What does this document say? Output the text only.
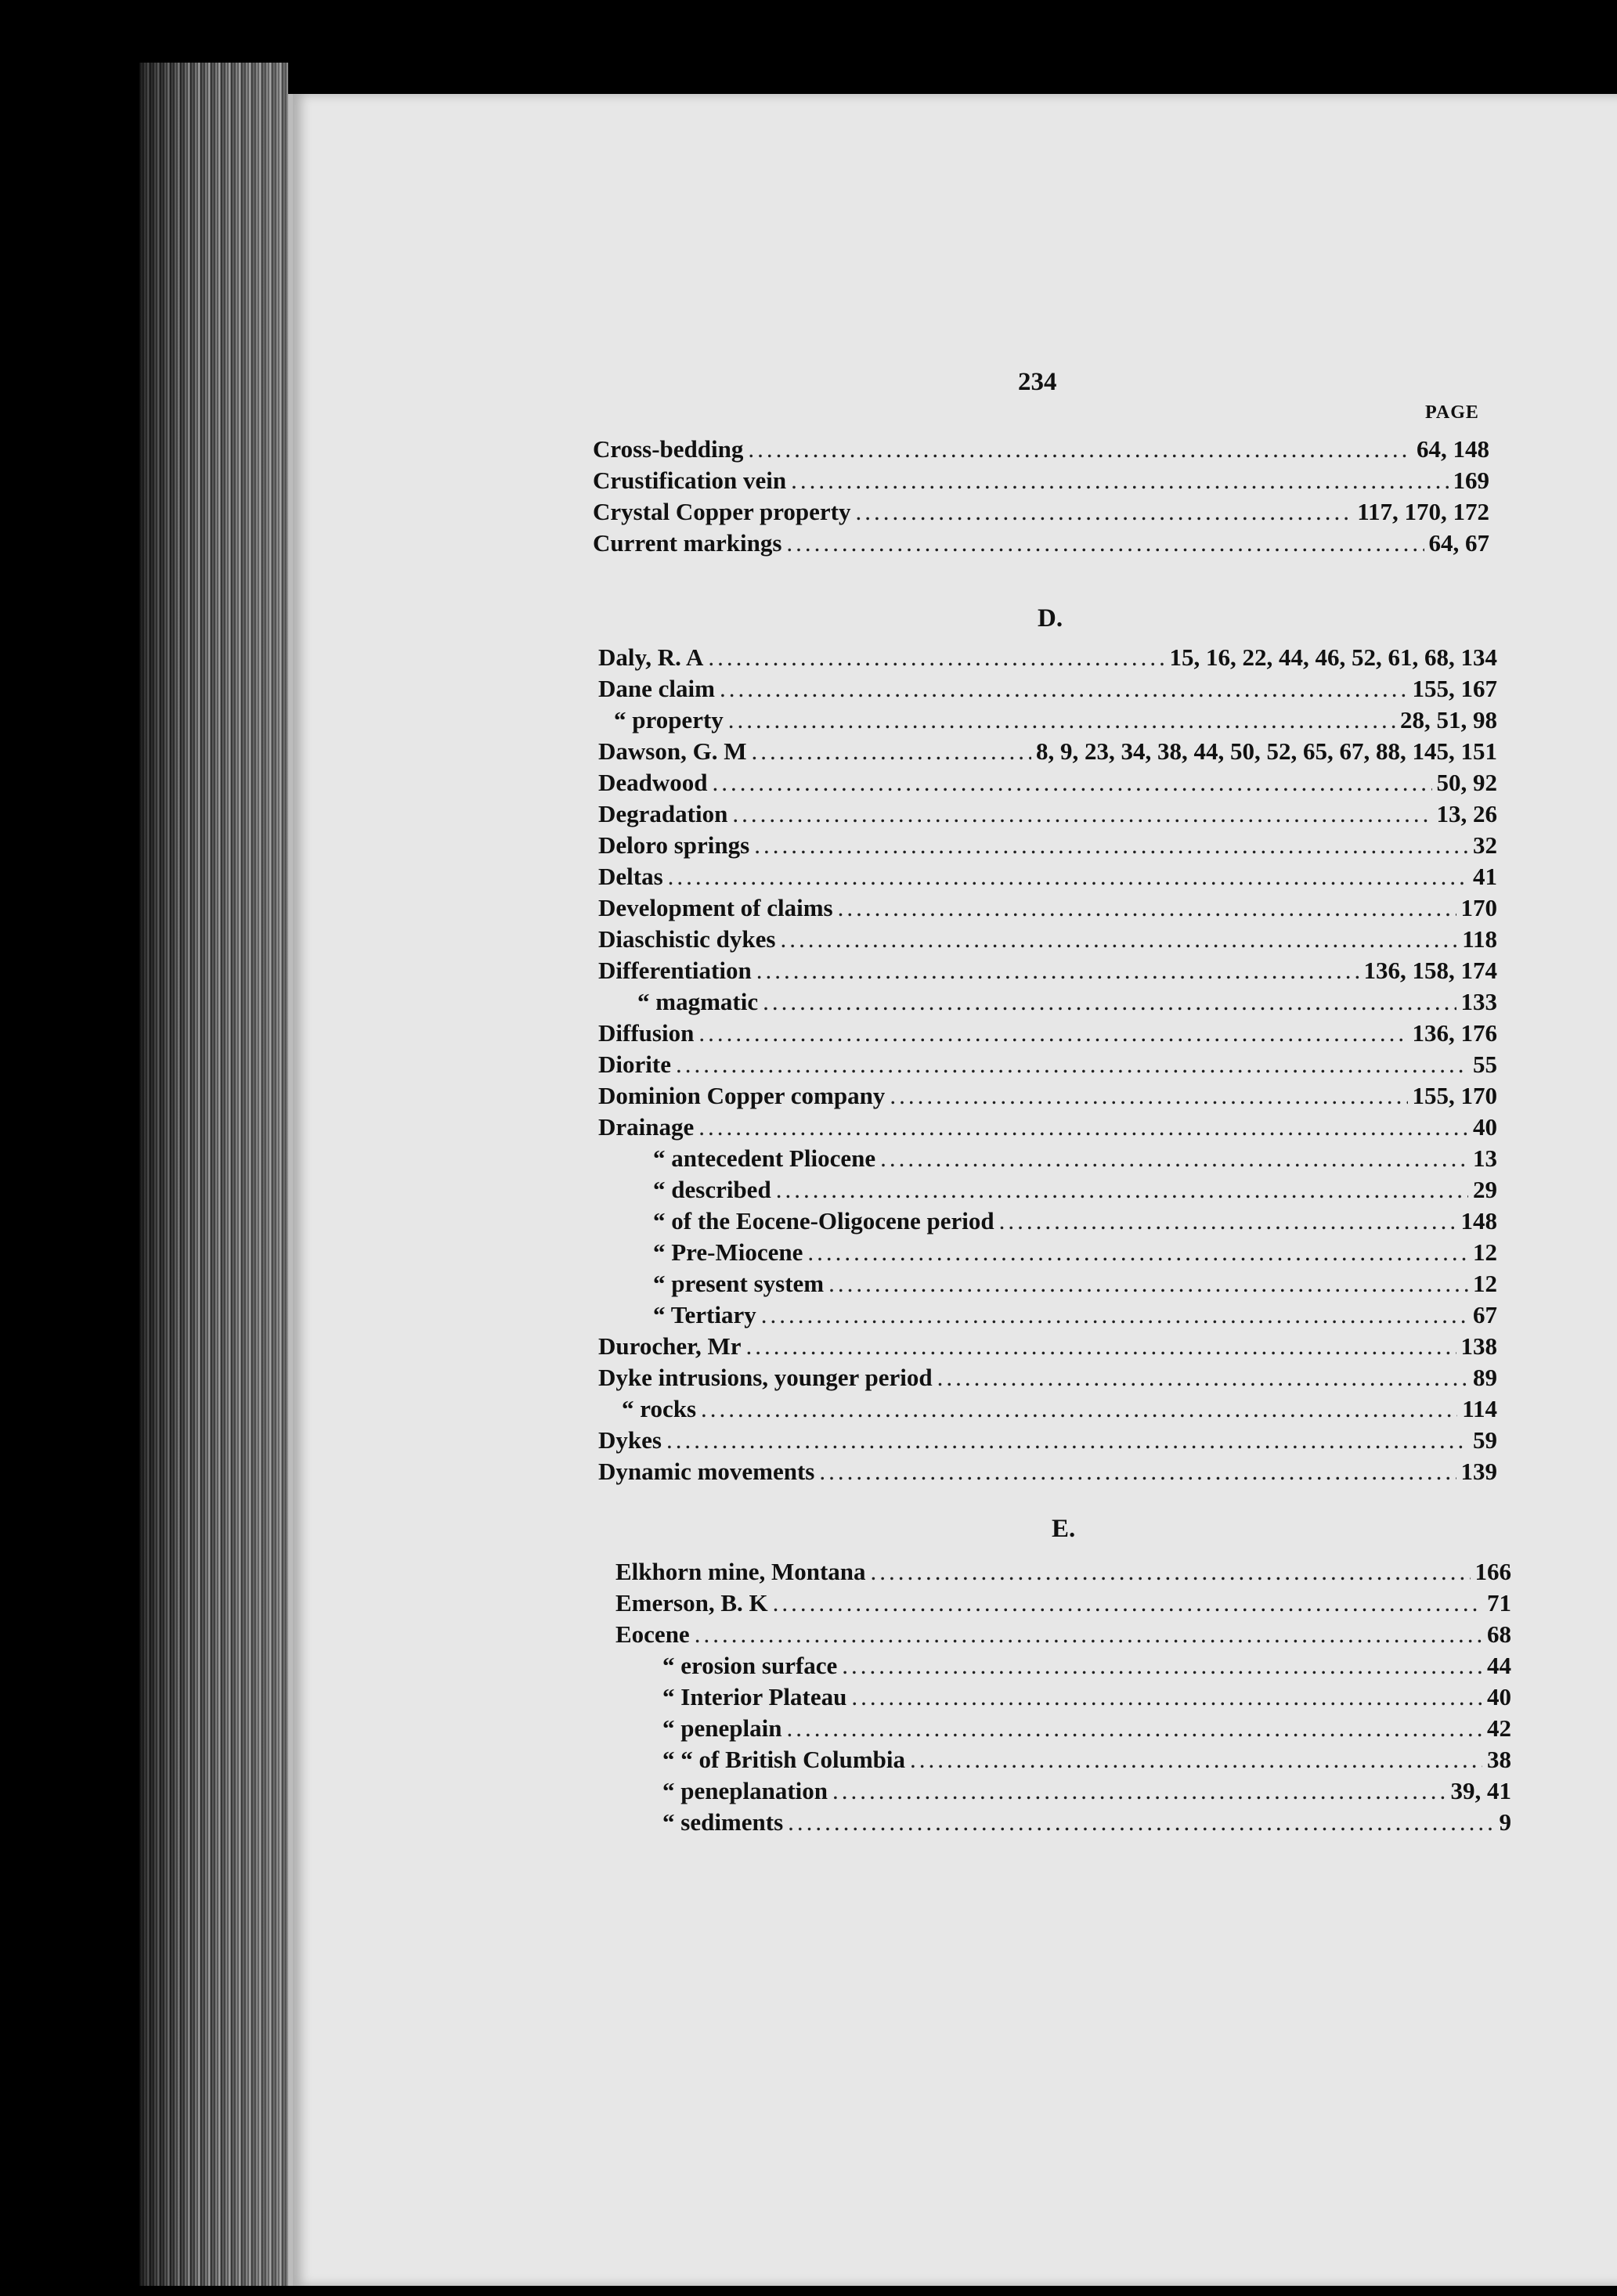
234
PAGE
Cross-bedding .....	64, 148
Crustification vein .....	169
Crystal Copper property .....	117, 170, 172
Current markings .....	64, 67
D.
Daly, R. A .....	15, 16, 22, 44, 46, 52, 61, 68, 134
Dane claim .....	155, 167
“ property .....	28, 51, 98
Dawson, G. M .....	8, 9, 23, 34, 38, 44, 50, 52, 65, 67, 88, 145, 151
Deadwood .....	50, 92
Degradation .....	13, 26
Deloro springs .....	32
Deltas .....	41
Development of claims .....	170
Diaschistic dykes .....	118
Differentiation .....	136, 158, 174
“ magmatic .....	133
Diffusion .....	136, 176
Diorite .....	55
Dominion Copper company .....	155, 170
Drainage .....	40
“ antecedent Pliocene .....	13
“ described .....	29
“ of the Eocene-Oligocene period .....	148
“ Pre-Miocene .....	12
“ present system .....	12
“ Tertiary .....	67
Durocher, Mr .....	138
Dyke intrusions, younger period .....	89
“ rocks .....	114
Dykes .....	59
Dynamic movements .....	139
E.
Elkhorn mine, Montana .....	166
Emerson, B. K .....	71
Eocene .....	68
“ erosion surface .....	44
“ Interior Plateau .....	40
“ peneplain .....	42
“ “ of British Columbia .....	38
“ peneplanation .....	39, 41
“ sediments .....	9
